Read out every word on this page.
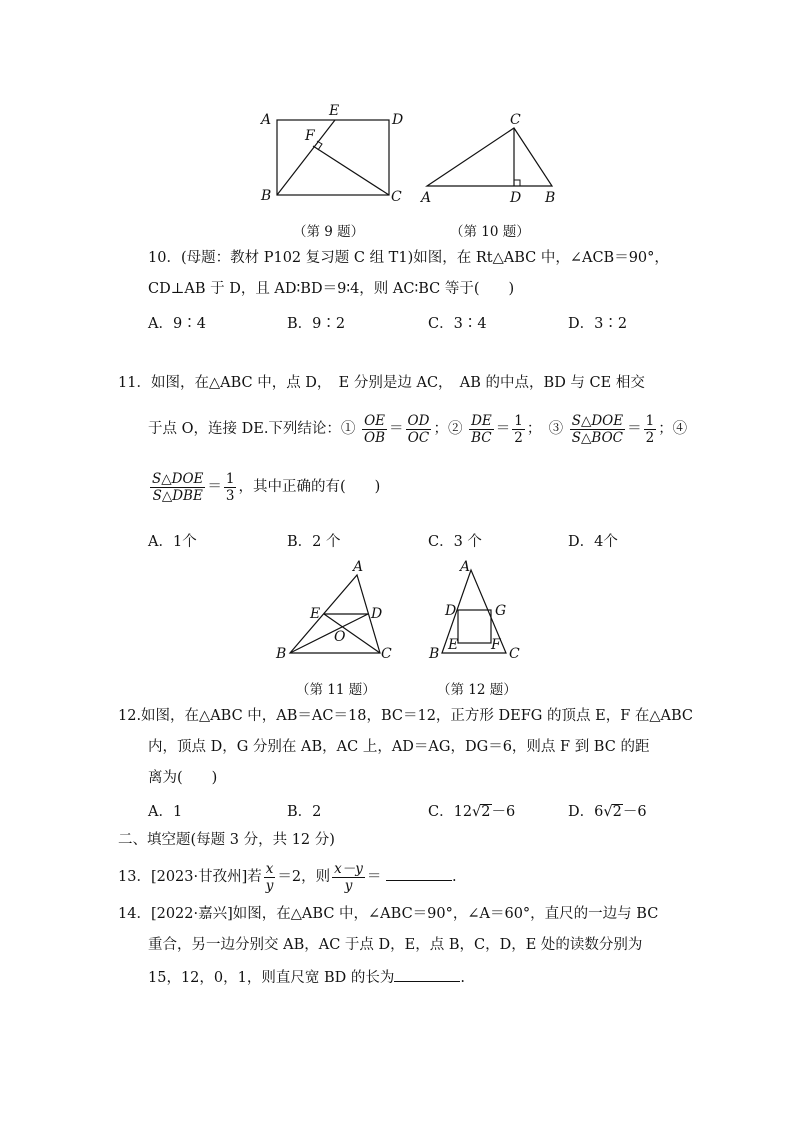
A
E
D
F
B	C
（第 9 题）
C
A	D B
（第 10 题）
10．(母题：教材 P102 复习题 C 组 T1)如图，在 Rt△ABC 中，∠ACB＝90°，
CD⊥AB 于 D，且 AD∶BD＝9∶4，则 AC∶BC 等于(　　)
A．9∶4	B．9∶2	C．3∶4	D．3∶2
11．如图，在△ABC 中，点 D，　E 分别是边 AC，　AB 的中点，BD 与 CE 相交
于点 O，连接 DE.下列结论：① $\frac{OE}{OB} = \frac{OD}{OC}$ ；② $\frac{DE}{BC} = \frac{1}{2}$ ；　③ $\frac{\text{S△DOE}}{\text{S△BOC}} = \frac{1}{2}$ ；④
$\frac{\text{S△DOE}}{\text{S△DBE}} = \frac{1}{3}$ ，其中正确的有(　　)
A．1个	B．2 个	C．3 个	D．4个
A
E	D
O
B	C
（第 11 题）
A
D	G
E F
B	C
（第 12 题）
12.如图，在△ABC 中，AB＝AC＝18，BC＝12，正方形 DEFG 的顶点 E，F 在△ABC
内，顶点 D，G 分别在 AB，AC 上，AD＝AG，DG＝6，则点 F 到 BC 的距
离为(　　)
A．1	B．2	C．12√2－6	D．6√2－6
二、填空题(每题 3 分，共 12 分)
13．[2023·甘孜州]若 $\frac{x}{y} =2$，则 $\frac{x-y}{y}$ ＝	.
14．[2022·嘉兴]如图，在△ABC 中，∠ABC＝90°，∠A＝60°，直尺的一边与 BC
重合，另一边分别交 AB，AC 于点 D，E，点 B，C，D，E 处的读数分别为
15，12，0，1，则直尺宽 BD 的长为	.
